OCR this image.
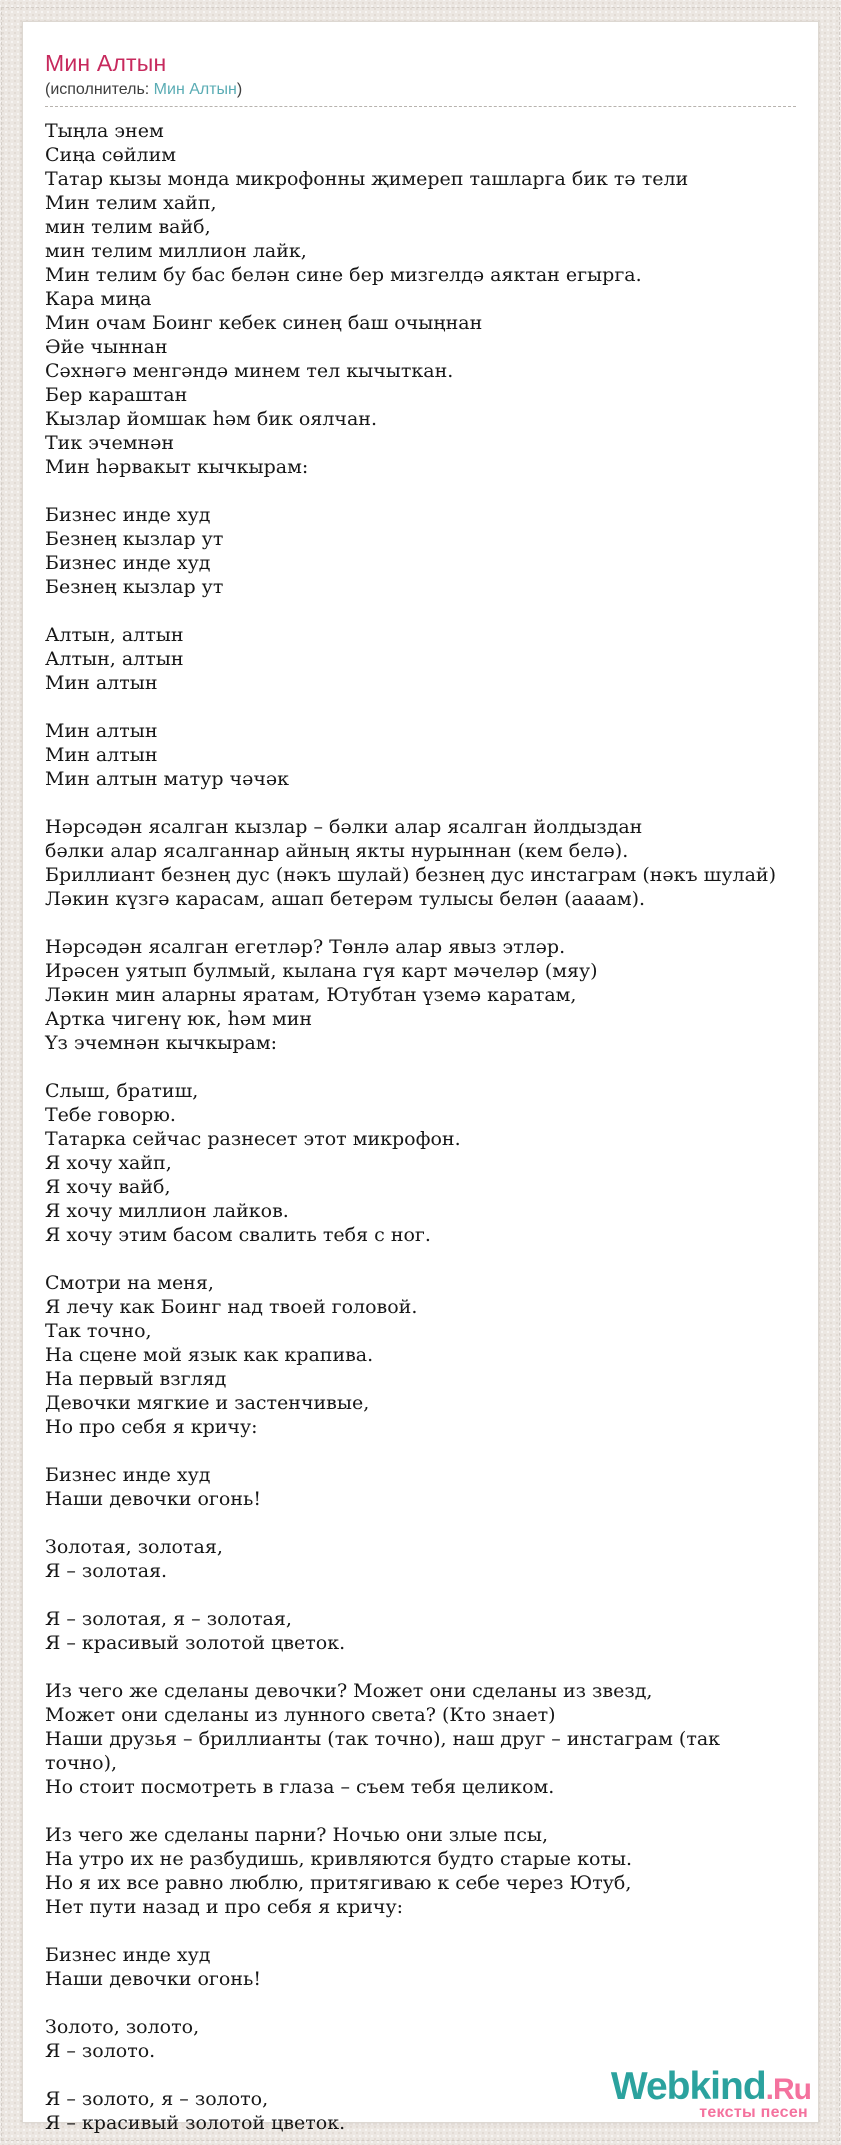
Мин Алтын
(исполнитель: Мин Алтын)
Тыңла энем
Сиңа сөйлим
Татар кызы монда микрофонны җимереп ташларга бик тә тели
Мин телим хайп,
мин телим вайб,
мин телим миллион лайк,
Мин телим бу бас белән сине бер мизгелдә аяктан егырга.
Кара миңа
Мин очам Боинг кебек синең баш очыңнан
Әйе чыннан
Сәхнәгә менгәндә минем тел кычыткан.
Бер караштан
Кызлар йомшак һәм бик оялчан.
Тик эчемнән
Мин һәрвакыт кычкырам:
Бизнес инде худ
Безнең кызлар ут
Бизнес инде худ
Безнең кызлар ут
Алтын, алтын
Алтын, алтын
Мин алтын
Мин алтын
Мин алтын
Мин алтын матур чәчәк
Нәрсәдән ясалган кызлар – бәлки алар ясалган йолдыздан
бәлки алар ясалганнар айның якты нурыннан (кем белә).
Бриллиант безнең дус (нәкъ шулай) безнең дус инстаграм (нәкъ шулай)
Ләкин күзгә карасам, ашап бетерәм тулысы белән (аааам).
Нәрсәдән ясалган егетләр? Төнлә алар явыз этләр.
Ирәсен уятып булмый, кылана гүя карт мәчеләр (мяу)
Ләкин мин аларны яратам, Ютубтан үземә каратам,
Артка чигенү юк, һәм мин
Үз эчемнән кычкырам:
Слыш, братиш,
Тебе говорю.
Татарка сейчас разнесет этот микрофон.
Я хочу хайп,
Я хочу вайб,
Я хочу миллион лайков.
Я хочу этим басом свалить тебя с ног.
Смотри на меня,
Я лечу как Боинг над твоей головой.
Так точно,
На сцене мой язык как крапива.
На первый взгляд
Девочки мягкие и застенчивые,
Но про себя я кричу:
Бизнес инде худ
Наши девочки огонь!
Золотая, золотая,
Я – золотая.
Я – золотая, я – золотая,
Я – красивый золотой цветок.
Из чего же сделаны девочки? Может они сделаны из звезд,
Может они сделаны из лунного света? (Кто знает)
Наши друзья – бриллианты (так точно), наш друг – инстаграм (так точно),
Но стоит посмотреть в глаза – съем тебя целиком.
Из чего же сделаны парни? Ночью они злые псы,
На утро их не разбудишь, кривляются будто старые коты.
Но я их все равно люблю, притягиваю к себе через Ютуб,
Нет пути назад и про себя я кричу:
Бизнес инде худ
Наши девочки огонь!
Золото, золото,
Я – золото.
Я – золото, я – золото,
Я – красивый золотой цветок.
Webkind.Ru
тексты песен
